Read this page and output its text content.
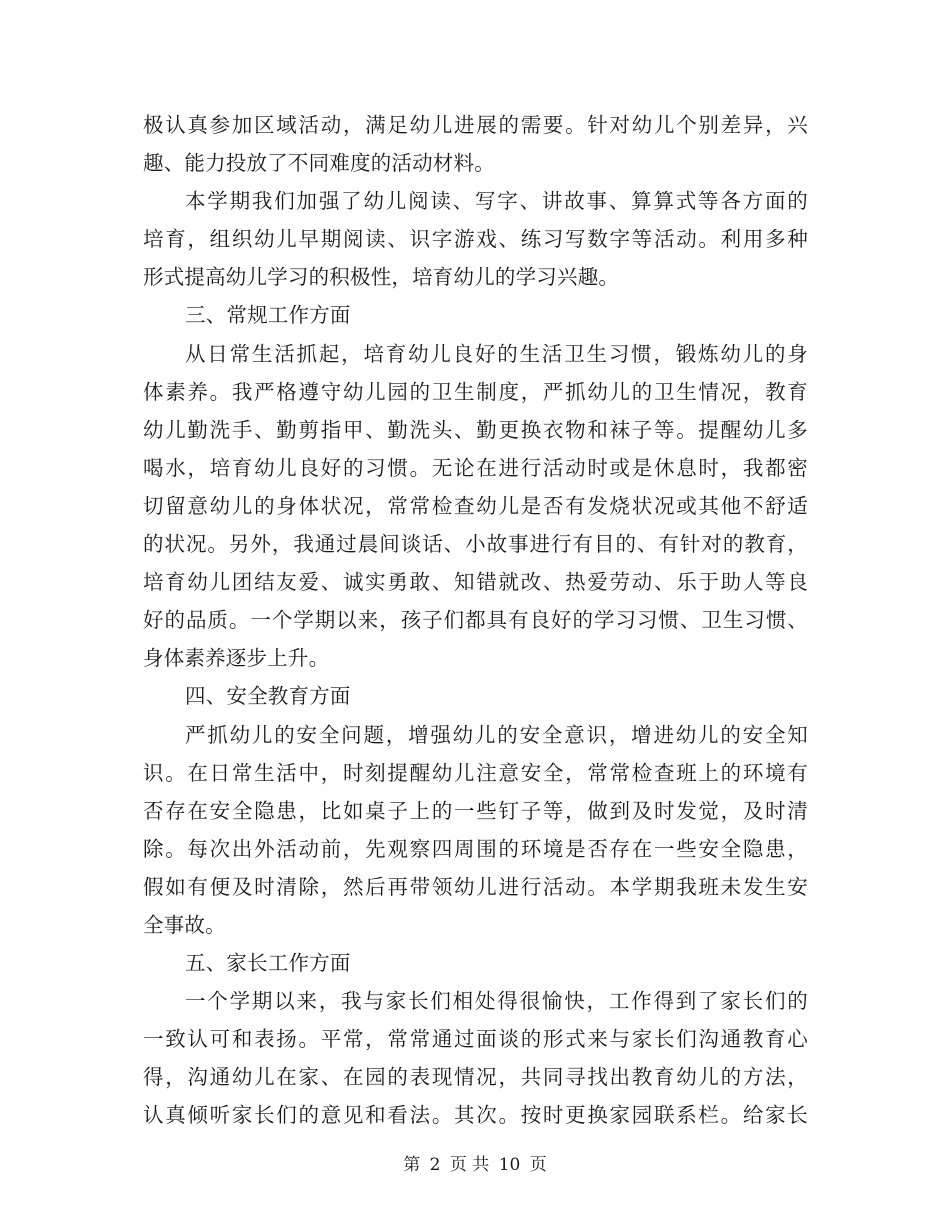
极认真参加区域活动，满足幼儿进展的需要。针对幼儿个别差异，兴
趣、能力投放了不同难度的活动材料。
本学期我们加强了幼儿阅读、写字、讲故事、算算式等各方面的
培育，组织幼儿早期阅读、识字游戏、练习写数字等活动。利用多种
形式提高幼儿学习的积极性，培育幼儿的学习兴趣。
三、常规工作方面
从日常生活抓起，培育幼儿良好的生活卫生习惯，锻炼幼儿的身
体素养。我严格遵守幼儿园的卫生制度，严抓幼儿的卫生情况，教育
幼儿勤洗手、勤剪指甲、勤洗头、勤更换衣物和袜子等。提醒幼儿多
喝水，培育幼儿良好的习惯。无论在进行活动时或是休息时，我都密
切留意幼儿的身体状况，常常检查幼儿是否有发烧状况或其他不舒适
的状况。另外，我通过晨间谈话、小故事进行有目的、有针对的教育，
培育幼儿团结友爱、诚实勇敢、知错就改、热爱劳动、乐于助人等良
好的品质。一个学期以来，孩子们都具有良好的学习习惯、卫生习惯、
身体素养逐步上升。
四、安全教育方面
严抓幼儿的安全问题，增强幼儿的安全意识，增进幼儿的安全知
识。在日常生活中，时刻提醒幼儿注意安全，常常检查班上的环境有
否存在安全隐患，比如桌子上的一些钉子等，做到及时发觉，及时清
除。每次出外活动前，先观察四周围的环境是否存在一些安全隐患，
假如有便及时清除，然后再带领幼儿进行活动。本学期我班未发生安
全事故。
五、家长工作方面
一个学期以来，我与家长们相处得很愉快，工作得到了家长们的
一致认可和表扬。平常，常常通过面谈的形式来与家长们沟通教育心
得，沟通幼儿在家、在园的表现情况，共同寻找出教育幼儿的方法，
认真倾听家长们的意见和看法。其次。按时更换家园联系栏。给家长
第 2 页 共 10 页
